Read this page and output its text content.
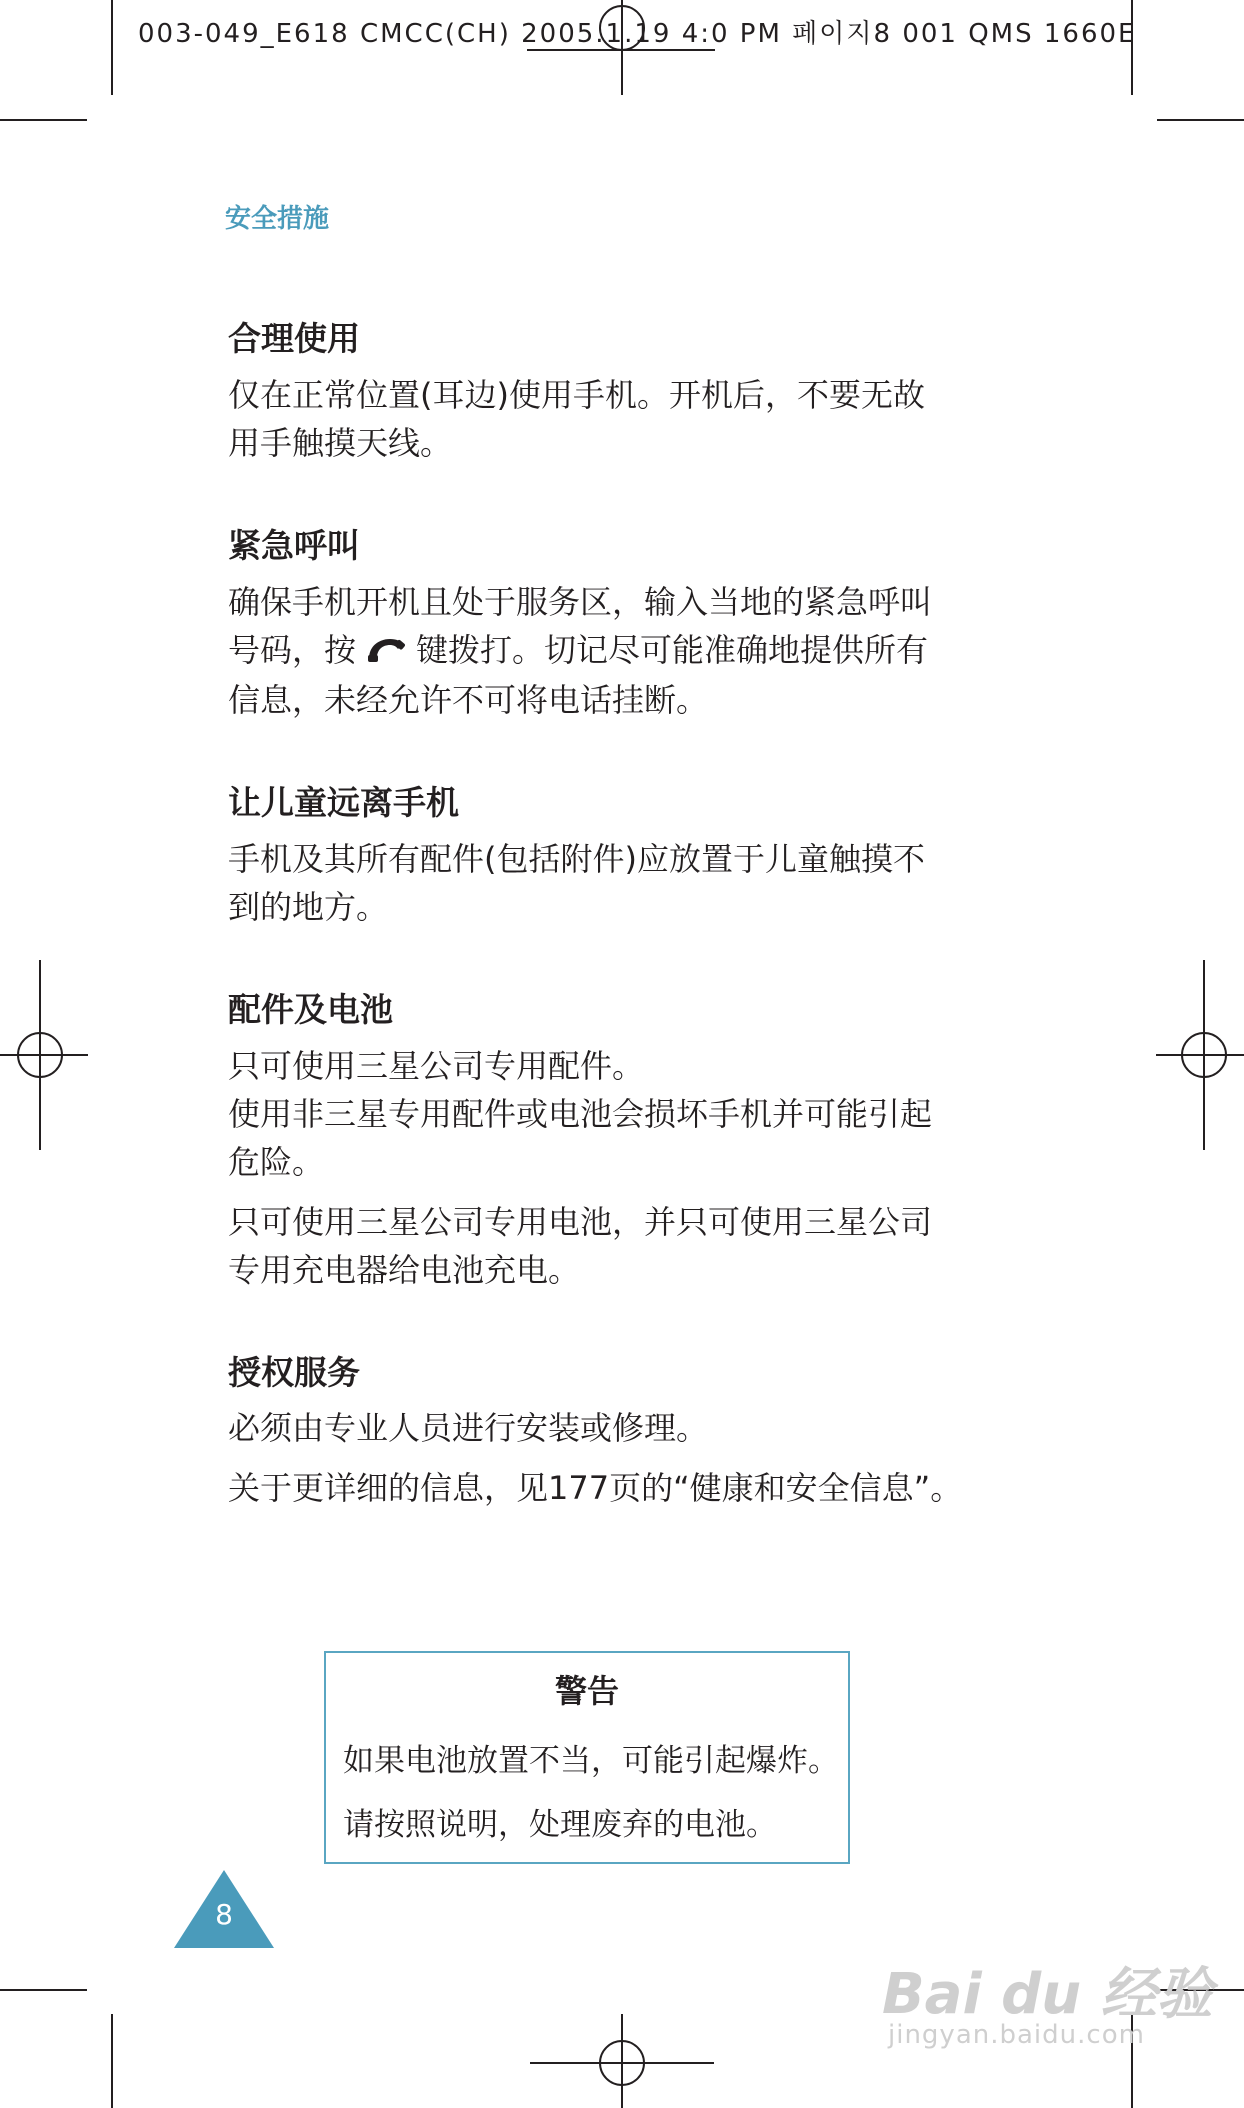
003-049_E618 CMCC(CH) 2005.1.19 4:0 PM 페이지8 001 QMS 1660E
安全措施
合理使用

仅在正常位置(耳边)使用手机。开机后，不要无故
用手触摸天线。

紧急呼叫

确保手机开机且处于服务区，输入当地的紧急呼叫
号码，按 键拨打。切记尽可能准确地提供所有
信息，未经允许不可将电话挂断。

让儿童远离手机

手机及其所有配件(包括附件)应放置于儿童触摸不
到的地方。

配件及电池

只可使用三星公司专用配件。
使用非三星专用配件或电池会损坏手机并可能引起
危险。

只可使用三星公司专用电池，并只可使用三星公司
专用充电器给电池充电。

授权服务

必须由专业人员进行安装或修理。

关于更详细的信息，见177页的“健康和安全信息”。

警告
如果电池放置不当，可能引起爆炸。
请按照说明，处理废弃的电池。
8
Bai du 经验
jingyan.baidu.com
